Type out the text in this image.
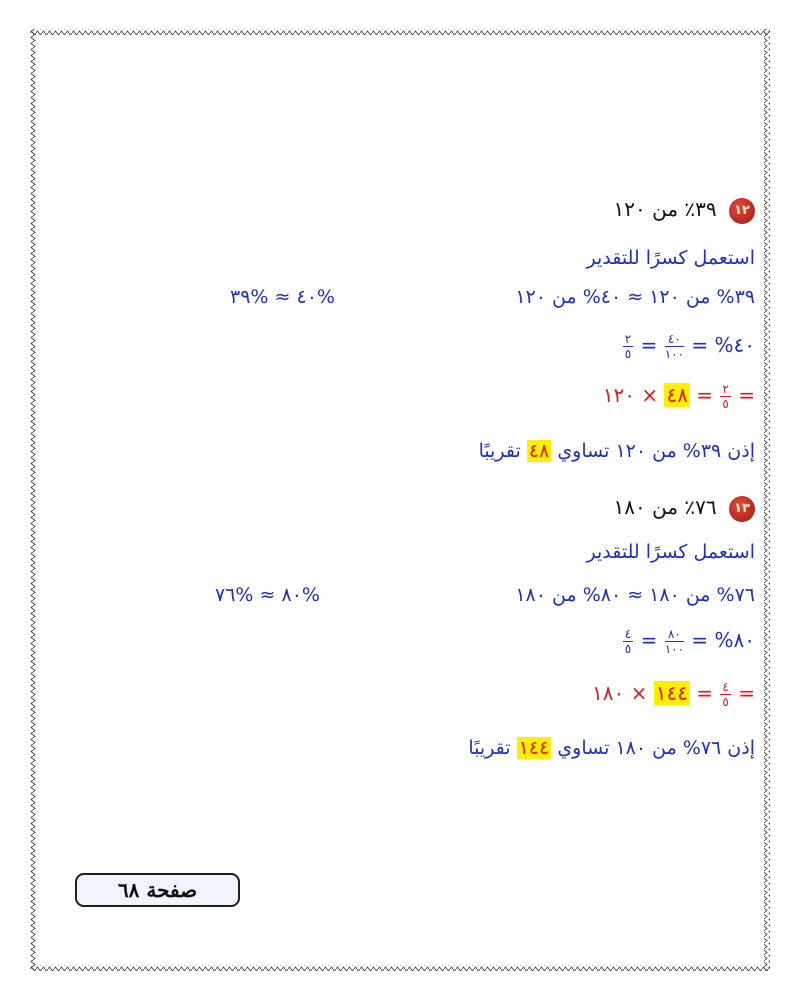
٣٩٪ من ١٢٠ ١٢
استعمل كسرًا للتقدير
%٤٠ ≈ %٣٩	٣٩% من ١٢٠ ≈ ٤٠% من ١٢٠
$\frac{٢}{٥} = \frac{٤٠}{١٠٠}$ = %٤٠
٤٨ × ١٢٠ = $\frac{٢}{٥}$ =
إذن ٣٩% من ١٢٠ تساوي ٤٨ تقريبًا
٧٦٪ من ١٨٠ ١٣
استعمل كسرًا للتقدير
%٨٠ ≈ %٧٦	٧٦% من ١٨٠ ≈ ٨٠% من ١٨٠
$\frac{٤}{٥} = \frac{٨٠}{١٠٠}$ = %٨٠
١٤٤ × ١٨٠ = $\frac{٤}{٥}$ =
إذن ٧٦% من ١٨٠ تساوي ١٤٤ تقريبًا
صفحة ٦٨
